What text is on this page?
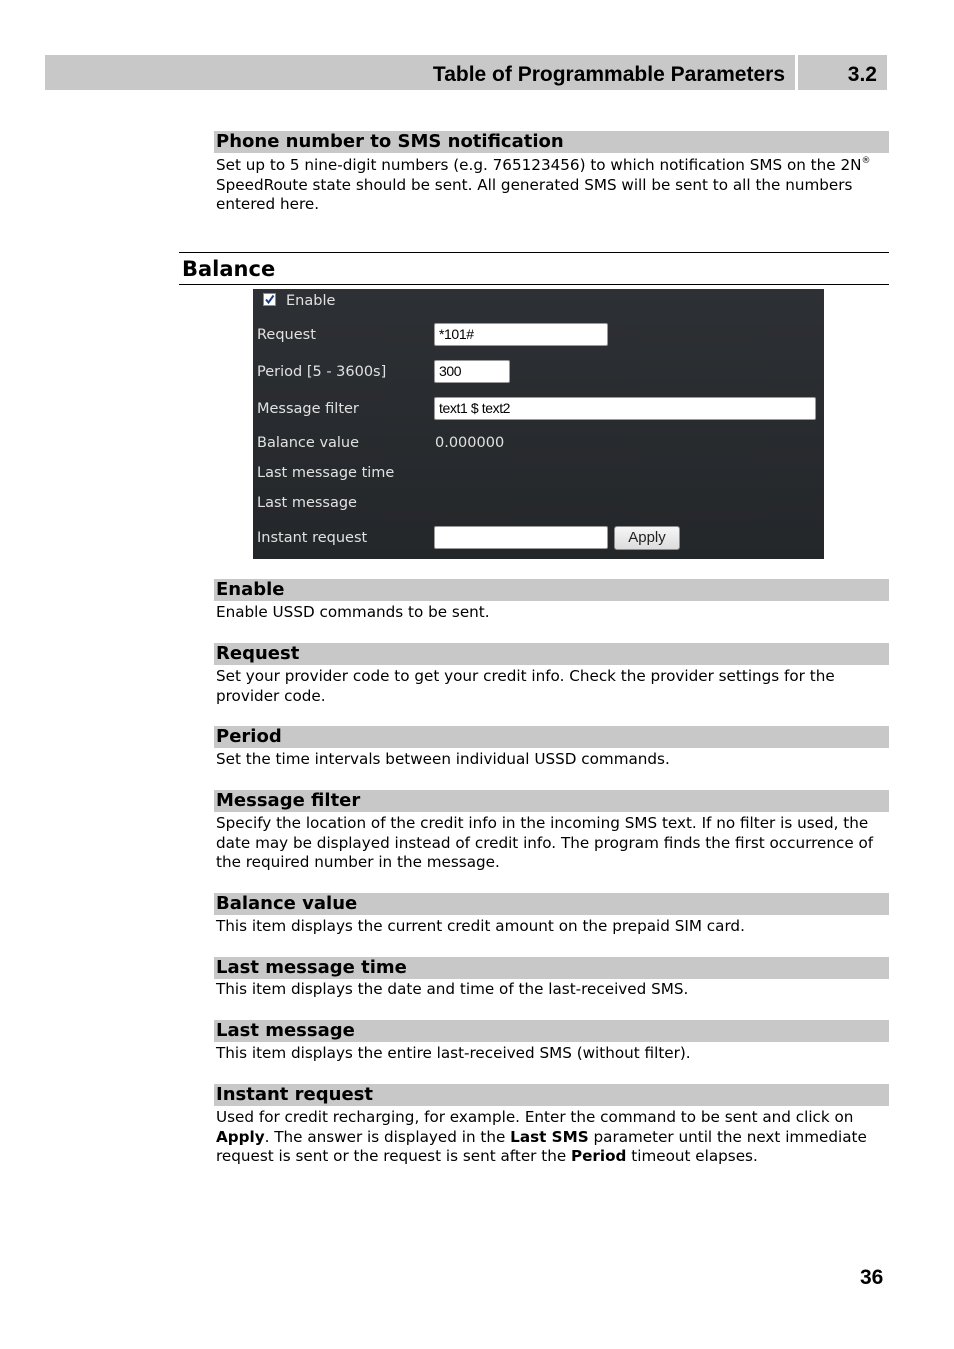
Table of Programmable Parameters	3.2
Phone number to SMS notification
Set up to 5 nine-digit numbers (e.g. 765123456) to which notification SMS on the 2N® SpeedRoute state should be sent. All generated SMS will be sent to all the numbers entered here.
Balance
Enable
Request	*101#
Period [5 - 3600s]	300
Message filter	text1 $ text2
Balance value	0.000000
Last message time
Last message
Instant request	Apply
Enable
Enable USSD commands to be sent.
Request
Set your provider code to get your credit info. Check the provider settings for the provider code.
Period
Set the time intervals between individual USSD commands.
Message filter
Specify the location of the credit info in the incoming SMS text. If no filter is used, the date may be displayed instead of credit info. The program finds the first occurrence of the required number in the message.
Balance value
This item displays the current credit amount on the prepaid SIM card.
Last message time
This item displays the date and time of the last-received SMS.
Last message
This item displays the entire last-received SMS (without filter).
Instant request
Used for credit recharging, for example. Enter the command to be sent and click on Apply. The answer is displayed in the Last SMS parameter until the next immediate request is sent or the request is sent after the Period timeout elapses.
36
